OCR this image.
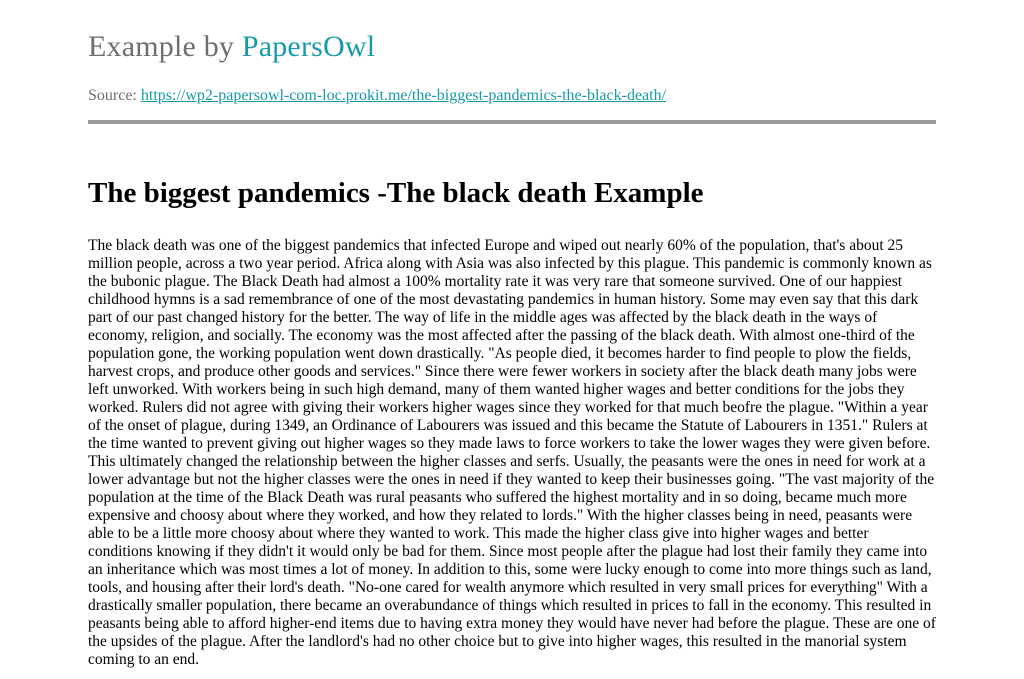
Example by PapersOwl
Source: https://wp2-papersowl-com-loc.prokit.me/the-biggest-pandemics-the-black-death/
The biggest pandemics -The black death Example

The black death was one of the biggest pandemics that infected Europe and wiped out nearly 60% of the population, that's about 25 million people, across a two year period. Africa along with Asia was also infected by this plague. This pandemic is commonly known as the bubonic plague. The Black Death had almost a 100% mortality rate it was very rare that someone survived. One of our happiest childhood hymns is a sad remembrance of one of the most devastating pandemics in human history. Some may even say that this dark part of our past changed history for the better. The way of life in the middle ages was affected by the black death in the ways of economy, religion, and socially. The economy was the most affected after the passing of the black death. With almost one-third of the population gone, the working population went down drastically. "As people died, it becomes harder to find people to plow the fields, harvest crops, and produce other goods and services." Since there were fewer workers in society after the black death many jobs were left unworked. With workers being in such high demand, many of them wanted higher wages and better conditions for the jobs they worked. Rulers did not agree with giving their workers higher wages since they worked for that much beofre the plague. "Within a year of the onset of plague, during 1349, an Ordinance of Labourers was issued and this became the Statute of Labourers in 1351." Rulers at the time wanted to prevent giving out higher wages so they made laws to force workers to take the lower wages they were given before. This ultimately changed the relationship between the higher classes and serfs. Usually, the peasants were the ones in need for work at a lower advantage but not the higher classes were the ones in need if they wanted to keep their businesses going. "The vast majority of the population at the time of the Black Death was rural peasants who suffered the highest mortality and in so doing, became much more expensive and choosy about where they worked, and how they related to lords." With the higher classes being in need, peasants were able to be a little more choosy about where they wanted to work. This made the higher class give into higher wages and better conditions knowing if they didn't it would only be bad for them. Since most people after the plague had lost their family they came into an inheritance which was most times a lot of money. In addition to this, some were lucky enough to come into more things such as land, tools, and housing after their lord's death. "No-one cared for wealth anymore which resulted in very small prices for everything" With a drastically smaller population, there became an overabundance of things which resulted in prices to fall in the economy. This resulted in peasants being able to afford higher-end items due to having extra money they would have never had before the plague. These are one of the upsides of the plague. After the landlord's had no other choice but to give into higher wages, this resulted in the manorial system coming to an end.
